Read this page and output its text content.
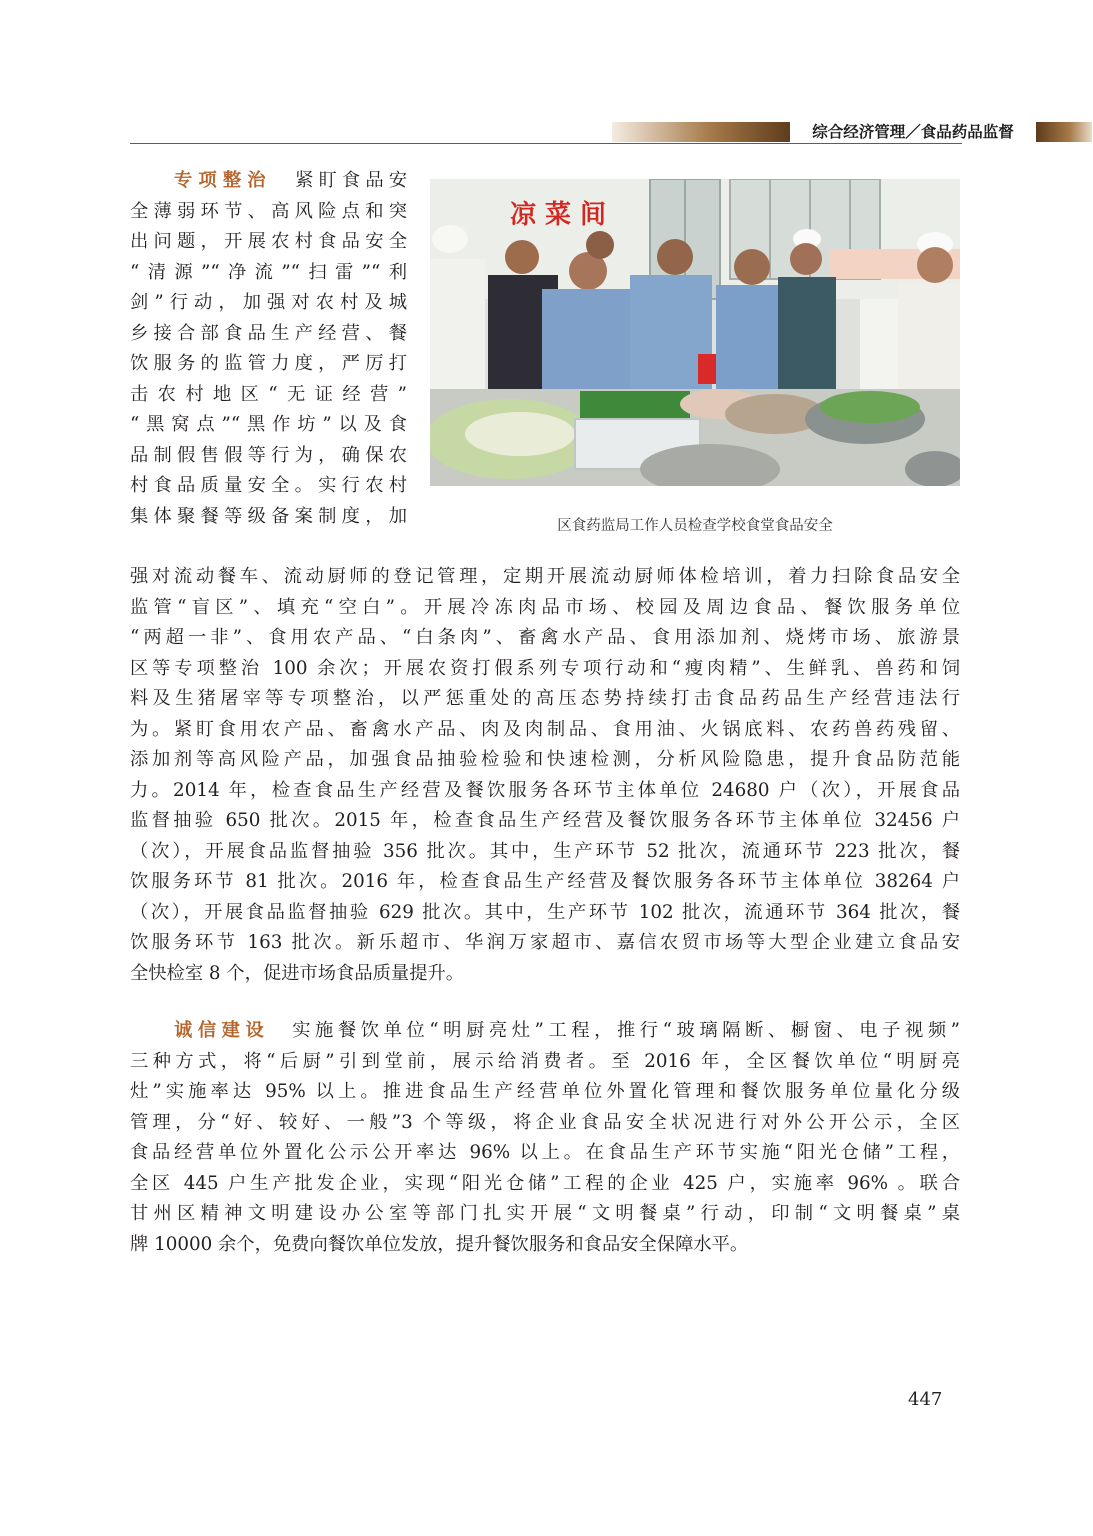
综合经济管理／食品药品监督
专项整治　 紧盯食品安
全薄弱环节、高风险点和突
出问题，开展农村食品安全
“清源”“净流”“扫雷”“利
剑”行动，加强对农村及城
乡接合部食品生产经营、餐
饮服务的监管力度，严厉打
击农村地区“无证经营”
“黑窝点”“黑作坊”以及食
品制假售假等行为，确保农
村食品质量安全。实行农村
集体聚餐等级备案制度，加
凉 菜 间
区食药监局工作人员检查学校食堂食品安全
强对流动餐车、流动厨师的登记管理，定期开展流动厨师体检培训，着力扫除食品安全
监管“盲区”、填充“空白”。开展冷冻肉品市场、校园及周边食品、餐饮服务单位
“两超一非”、食用农产品、“白条肉”、畜禽水产品、食用添加剂、烧烤市场、旅游景
区等专项整治 100 余次；开展农资打假系列专项行动和“瘦肉精”、生鲜乳、兽药和饲
料及生猪屠宰等专项整治，以严惩重处的高压态势持续打击食品药品生产经营违法行
为。紧盯食用农产品、畜禽水产品、肉及肉制品、食用油、火锅底料、农药兽药残留、
添加剂等高风险产品，加强食品抽验检验和快速检测，分析风险隐患，提升食品防范能
力。2014 年，检查食品生产经营及餐饮服务各环节主体单位 24680 户（次），开展食品
监督抽验 650 批次。2015 年，检查食品生产经营及餐饮服务各环节主体单位 32456 户
（次），开展食品监督抽验 356 批次。其中，生产环节 52 批次，流通环节 223 批次，餐
饮服务环节 81 批次。2016 年，检查食品生产经营及餐饮服务各环节主体单位 38264 户
（次），开展食品监督抽验 629 批次。其中，生产环节 102 批次，流通环节 364 批次，餐
饮服务环节 163 批次。新乐超市、华润万家超市、嘉信农贸市场等大型企业建立食品安
全快检室 8 个，促进市场食品质量提升。
诚信建设　 实施餐饮单位“明厨亮灶”工程，推行“玻璃隔断、橱窗、电子视频”
三种方式，将“后厨”引到堂前，展示给消费者。至 2016 年，全区餐饮单位“明厨亮
灶”实施率达 95% 以上。推进食品生产经营单位外置化管理和餐饮服务单位量化分级
管理，分“好、较好、一般”3 个等级，将企业食品安全状况进行对外公开公示，全区
食品经营单位外置化公示公开率达 96% 以上。在食品生产环节实施“阳光仓储”工程，
全区 445 户生产批发企业，实现“阳光仓储”工程的企业 425 户，实施率 96% 。联合
甘州区精神文明建设办公室等部门扎实开展“文明餐桌”行动，印制“文明餐桌”桌
牌 10000 余个，免费向餐饮单位发放，提升餐饮服务和食品安全保障水平。
447
